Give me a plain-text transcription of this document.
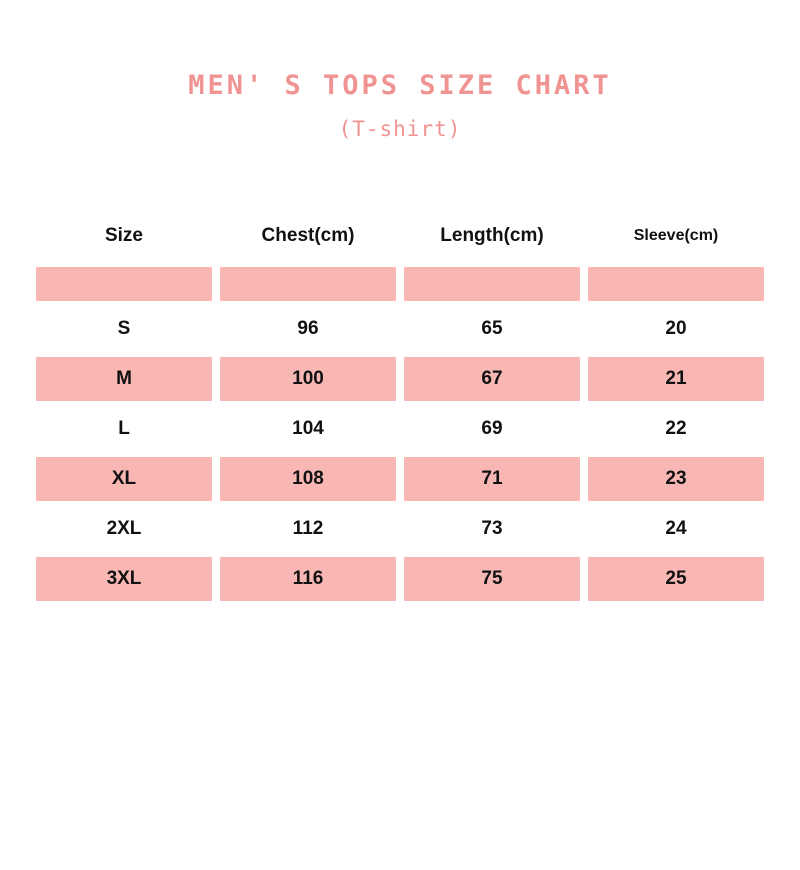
MEN' S TOPS SIZE CHART
(T-shirt)
Size	Chest(cm)	Length(cm)	Sleeve(cm)

S	96	65	20
M	100	67	21
L	104	69	22
XL	108	71	23
2XL	112	73	24
3XL	116	75	25
